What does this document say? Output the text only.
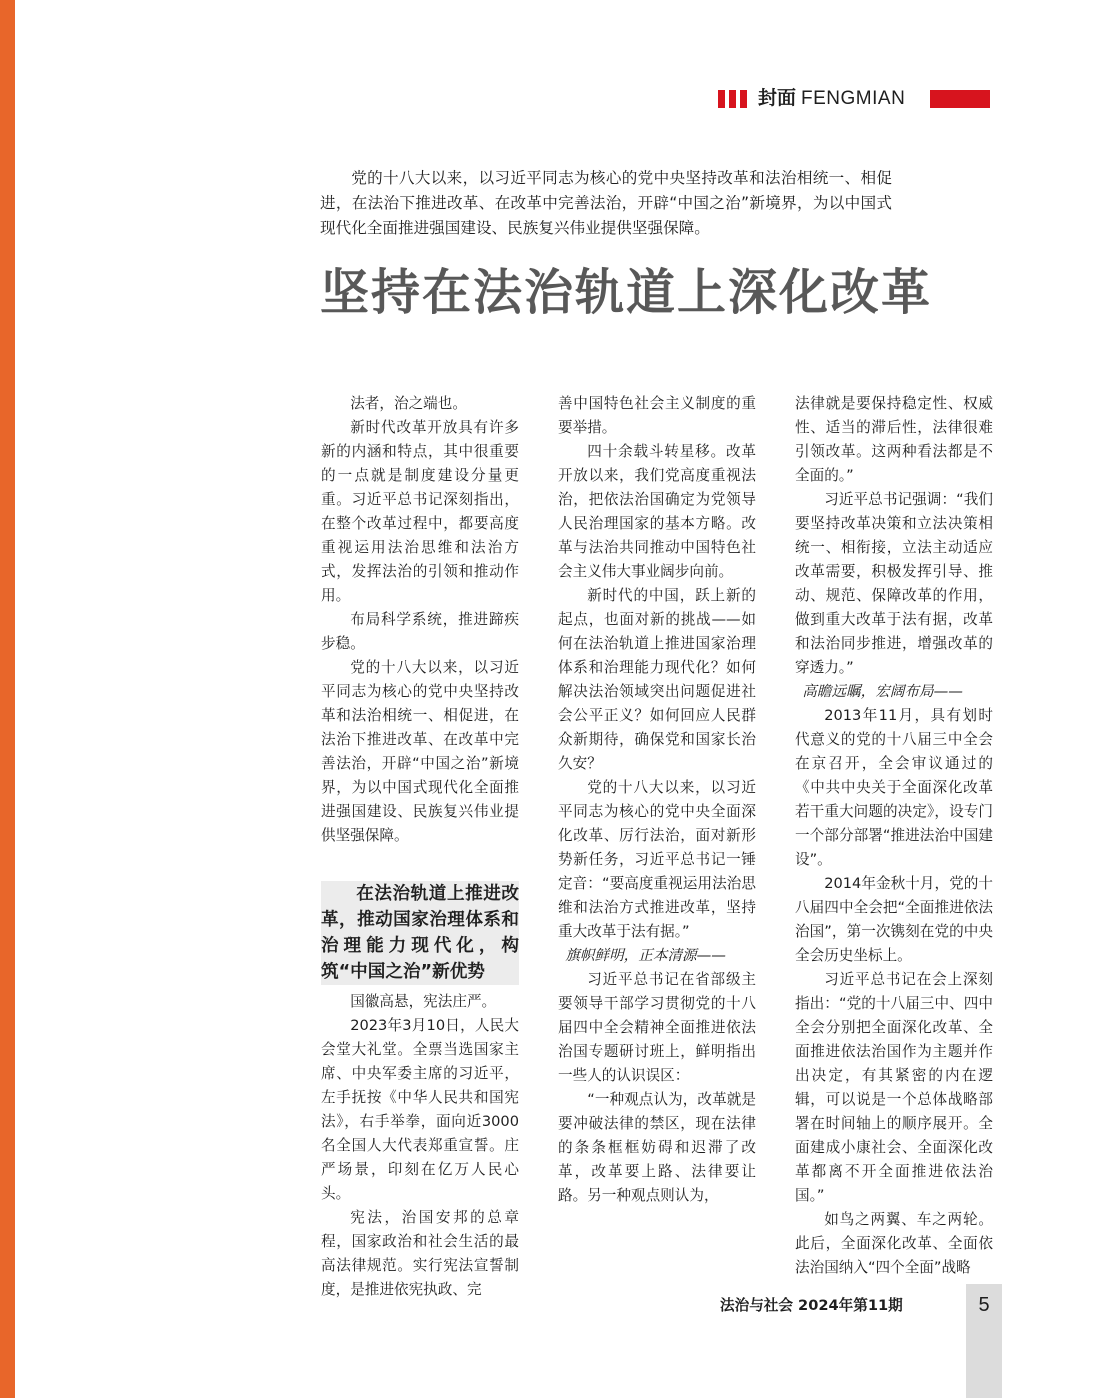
封面 FENGMIAN
党的十八大以来，以习近平同志为核心的党中央坚持改革和法治相统一、相促进，在法治下推进改革、在改革中完善法治，开辟“中国之治”新境界，为以中国式现代化全面推进强国建设、民族复兴伟业提供坚强保障。
坚持在法治轨道上深化改革

法者，治之端也。

新时代改革开放具有许多新的内涵和特点，其中很重要的一点就是制度建设分量更重。习近平总书记深刻指出，在整个改革过程中，都要高度重视运用法治思维和法治方式，发挥法治的引领和推动作用。

布局科学系统，推进蹄疾步稳。

党的十八大以来，以习近平同志为核心的党中央坚持改革和法治相统一、相促进，在法治下推进改革、在改革中完善法治，开辟“中国之治”新境界，为以中国式现代化全面推进强国建设、民族复兴伟业提供坚强保障。

在法治轨道上推进改革，推动国家治理体系和治理能力现代化，构筑“中国之治”新优势

国徽高悬，宪法庄严。

2023年3月10日，人民大会堂大礼堂。全票当选国家主席、中央军委主席的习近平，左手抚按《中华人民共和国宪法》，右手举拳，面向近3000名全国人大代表郑重宣誓。庄严场景，印刻在亿万人民心头。

宪法，治国安邦的总章程，国家政治和社会生活的最高法律规范。实行宪法宣誓制度，是推进依宪执政、完

善中国特色社会主义制度的重要举措。

四十余载斗转星移。改革开放以来，我们党高度重视法治，把依法治国确定为党领导人民治理国家的基本方略。改革与法治共同推动中国特色社会主义伟大事业阔步向前。

新时代的中国，跃上新的起点，也面对新的挑战——如何在法治轨道上推进国家治理体系和治理能力现代化？如何解决法治领域突出问题促进社会公平正义？如何回应人民群众新期待，确保党和国家长治久安？

党的十八大以来，以习近平同志为核心的党中央全面深化改革、厉行法治，面对新形势新任务，习近平总书记一锤定音：“要高度重视运用法治思维和法治方式推进改革，坚持重大改革于法有据。”

旗帜鲜明，正本清源——

习近平总书记在省部级主要领导干部学习贯彻党的十八届四中全会精神全面推进依法治国专题研讨班上，鲜明指出一些人的认识误区：

“一种观点认为，改革就是要冲破法律的禁区，现在法律的条条框框妨碍和迟滞了改革，改革要上路、法律要让路。另一种观点则认为，

法律就是要保持稳定性、权威性、适当的滞后性，法律很难引领改革。这两种看法都是不全面的。”

习近平总书记强调：“我们要坚持改革决策和立法决策相统一、相衔接，立法主动适应改革需要，积极发挥引导、推动、规范、保障改革的作用，做到重大改革于法有据，改革和法治同步推进，增强改革的穿透力。”

高瞻远瞩，宏阔布局——

2013年11月，具有划时代意义的党的十八届三中全会在京召开，全会审议通过的《中共中央关于全面深化改革若干重大问题的决定》，设专门一个部分部署“推进法治中国建设”。

2014年金秋十月，党的十八届四中全会把“全面推进依法治国”，第一次镌刻在党的中央全会历史坐标上。

习近平总书记在会上深刻指出：“党的十八届三中、四中全会分别把全面深化改革、全面推进依法治国作为主题并作出决定，有其紧密的内在逻辑，可以说是一个总体战略部署在时间轴上的顺序展开。全面建成小康社会、全面深化改革都离不开全面推进依法治国。”

如鸟之两翼、车之两轮。此后，全面深化改革、全面依法治国纳入“四个全面”战略

法治与社会 2024年第11期	5
